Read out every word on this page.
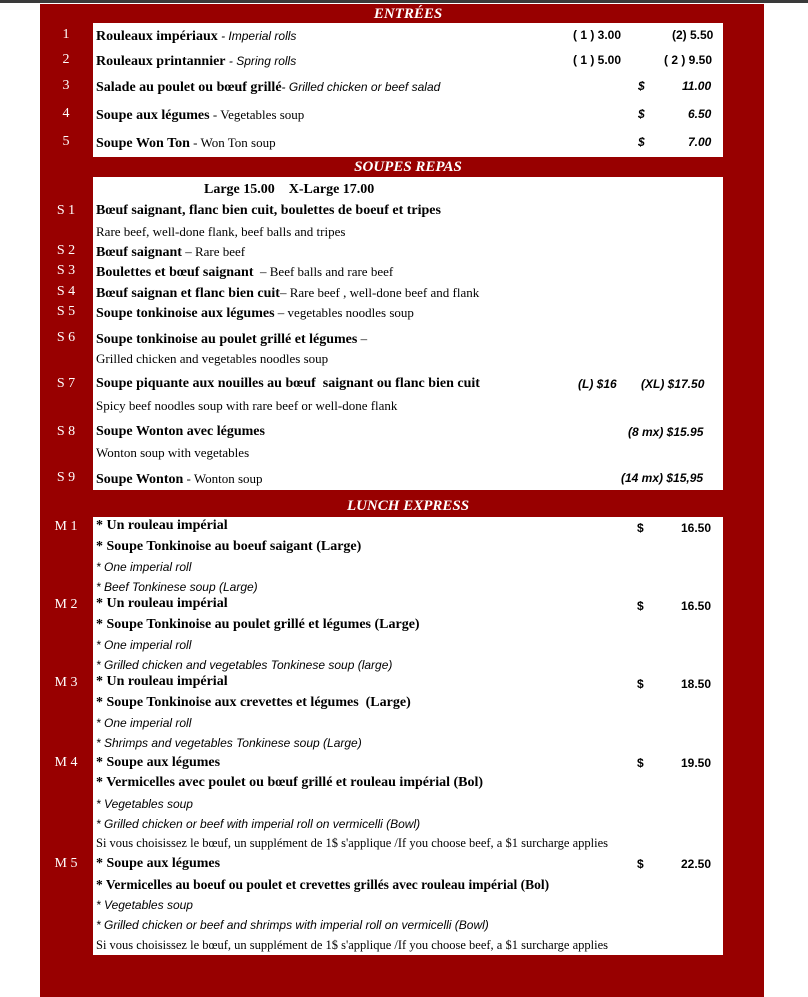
ENTRÉES
1	Rouleaux impériaux - Imperial rolls	( 1 ) 3.00	(2) 5.50
2	Rouleaux printannier - Spring rolls	( 1 ) 5.00	( 2 ) 9.50
3	Salade au poulet ou bœuf grillé- Grilled chicken or beef salad	$	11.00
4	Soupe aux légumes - Vegetables soup	$	6.50
5	Soupe Won Ton - Won Ton soup	$	7.00
SOUPES REPAS
Large 15.00    X-Large 17.00
S 1	Bœuf saignant, flanc bien cuit, boulettes de boeuf et tripes
Rare beef, well-done flank, beef balls and tripes
S 2	Bœuf saignant – Rare beef
S 3	Boulettes et bœuf saignant  – Beef balls and rare beef
S 4	Bœuf saignan et flanc bien cuit– Rare beef , well-done beef and flank
S 5	Soupe tonkinoise aux légumes – vegetables noodles soup
S 6	Soupe tonkinoise au poulet grillé et légumes –
Grilled chicken and vegetables noodles soup
S 7	Soupe piquante aux nouilles au bœuf  saignant ou flanc bien cuit
Spicy beef noodles soup with rare beef or well-done flank
(L) $16 (XL) $17.50
S 8	Soupe Wonton avec légumes
Wonton soup with vegetables
(8 mx) $15.95
S 9	Soupe Wonton - Wonton soup	(14 mx) $15,95
LUNCH EXPRESS
M 1	* Un rouleau impérial
* Soupe Tonkinoise au boeuf saigant (Large)
* One imperial roll
* Beef Tonkinese soup (Large)
$	16.50
M 2	* Un rouleau impérial
* Soupe Tonkinoise au poulet grillé et légumes (Large)
* One imperial roll
* Grilled chicken and vegetables Tonkinese soup (large)
$	16.50
M 3	* Un rouleau impérial
* Soupe Tonkinoise aux crevettes et légumes  (Large)
* One imperial roll
* Shrimps and vegetables Tonkinese soup (Large)
$	18.50
M 4	* Soupe aux légumes
* Vermicelles avec poulet ou bœuf grillé et rouleau impérial (Bol)
* Vegetables soup
* Grilled chicken or beef with imperial roll on vermicelli (Bowl)
Si vous choisissez le bœuf, un supplément de 1$ s'applique /If you choose beef, a $1 surcharge applies
$	19.50
M 5	* Soupe aux légumes
* Vermicelles au boeuf ou poulet et crevettes grillés avec rouleau impérial (Bol)
* Vegetables soup
* Grilled chicken or beef and shrimps with imperial roll on vermicelli (Bowl)
Si vous choisissez le bœuf, un supplément de 1$ s'applique /If you choose beef, a $1 surcharge applies
$	22.50
